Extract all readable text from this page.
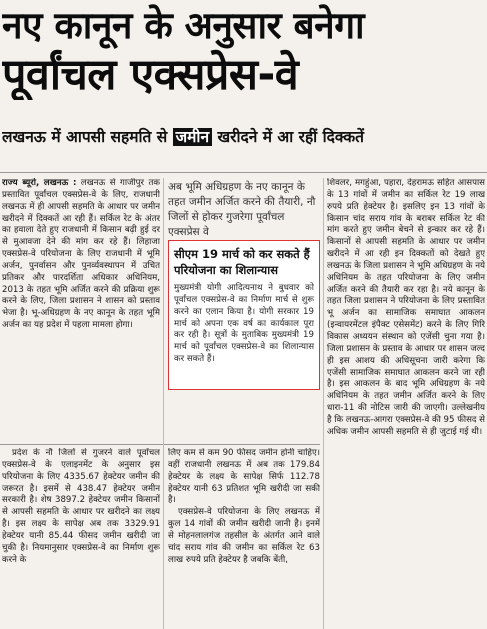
नए कानून के अनुसार बनेगा
पूर्वांचल एक्सप्रेस-वे
लखनऊ में आपसी सहमति से जमीन खरीदने में आ रहीं दिक्कतें

राज्य ब्यूरो, लखनऊ : लखनऊ से गाजीपुर तक प्रस्तावित पूर्वांचल एक्सप्रेस-वे के लिए, राजधानी लखनऊ में ही आपसी सहमति के आधार पर जमीन खरीदने में दिक्कतें आ रही हैं। सर्किल रेट के अंतर का हवाला देते हुए राजधानी में किसान बढ़ी हुई दर से मुआवजा देने की मांग कर रहे हैं। लिहाजा एक्सप्रेस-वे परियोजना के लिए राजधानी में भूमि अर्जन, पुनर्वासन और पुनर्व्यवस्थापन में उचित प्रतिकर और पारदर्शिता अधिकार अधिनियम, 2013 के तहत भूमि अर्जित करने की प्रक्रिया शुरू करने के लिए, जिला प्रशासन ने शासन को प्रस्ताव भेजा है। भू-अधिग्रहण के नए कानून के तहत भूमि अर्जन का यह प्रदेश में पहला मामला होगा।

प्रदेश के नौ जिलों से गुजरने वाले पूर्वांचल एक्सप्रेस-वे के एलाइनमेंट के अनुसार इस परियोजना के लिए 4335.67 हेक्टेयर जमीन की जरूरत है। इसमें से 438.47 हेक्टेयर जमीन सरकारी है। शेष 3897.2 हेक्टेयर जमीन किसानों से आपसी सहमति के आधार पर खरीदने का लक्ष्य है। इस लक्ष्य के सापेक्ष अब तक 3329.91 हेक्टेयर यानी 85.44 फीसद जमीन खरीदी जा चुकी है। नियमानुसार एक्सप्रेस-वे का निर्माण शुरू करने के

अब भूमि अधिग्रहण के नए कानून के तहत जमीन अर्जित करने की तैयारी, नौ जिलों से होकर गुजरेगा पूर्वांचल एक्सप्रेस वे
सीएम 19 मार्च को कर सकते हैं परियोजना का शिलान्यास
मुख्यमंत्री योगी आदित्यनाथ ने बुधवार को पूर्वांचल एक्सप्रेस-वे का निर्माण मार्च से शुरू करने का एलान किया है। योगी सरकार 19 मार्च को अपना एक वर्ष का कार्यकाल पूरा कर रही है। सूत्रों के मुताबिक मुख्यमंत्री 19 मार्च को पूर्वांचल एक्सप्रेस-वे का शिलान्यास कर सकते हैं।

लिए कम से कम 90 फीसद जमीन होनी चाहिए। वहीं राजधानी लखनऊ में अब तक 179.84 हेक्टेयर के लक्ष्य के सापेक्ष सिर्फ 112.78 हेक्टेयर यानी 63 प्रतिशत भूमि खरीदी जा सकी है।

एक्सप्रेस-वे परियोजना के लिए लखनऊ में कुल 14 गांवों की जमीन खरीदी जानी है। इनमें से मोहनलालगंज तहसील के अंतर्गत आने वाले चांद सराय गांव की जमीन का सर्किल रेट 63 लाख रुपये प्रति हेक्टेयर है जबकि बेंती,

शिवलर, मगहुंआ, पहारा, देहरामऊ सहित आसपास के 13 गांवों में जमीन का सर्किल रेट 19 लाख रुपये प्रति हेक्टेयर है। इसलिए इन 13 गांवों के किसान चांद सराय गांव के बराबर सर्किल रेट की मांग करते हुए जमीन बेचने से इन्कार कर रहे हैं। किसानों से आपसी सहमति के आधार पर जमीन खरीदने में आ रही इन दिक्कतों को देखते हुए लखनऊ के जिला प्रशासन ने भूमि अधिग्रहण के नये अधिनियम के तहत परियोजना के लिए जमीन अर्जित करने की तैयारी कर रहा है। नये कानून के तहत जिला प्रशासन ने परियोजना के लिए प्रस्तावित भू अर्जन का सामाजिक समाघात आकलन (इन्वायरमेंटल इंपैक्ट एसेसमेंट) करने के लिए गिरि विकास अध्ययन संस्थान को एजेंसी चुना गया है। जिला प्रशासन के प्रस्ताव के आधार पर शासन जल्द ही इस आशय की अधिसूचना जारी करेगा कि एजेंसी सामाजिक समाघात आकलन करने जा रही है। इस आकलन के बाद भूमि अधिग्रहण के नये अधिनियम के तहत जमीन अर्जित करने के लिए धारा-11 की नोटिस जारी की जाएगी। उल्लेखनीय है कि लखनऊ-आगरा एक्सप्रेस-वे की 95 फीसद से अधिक जमीन आपसी सहमति से ही जुटाई गई थी।
